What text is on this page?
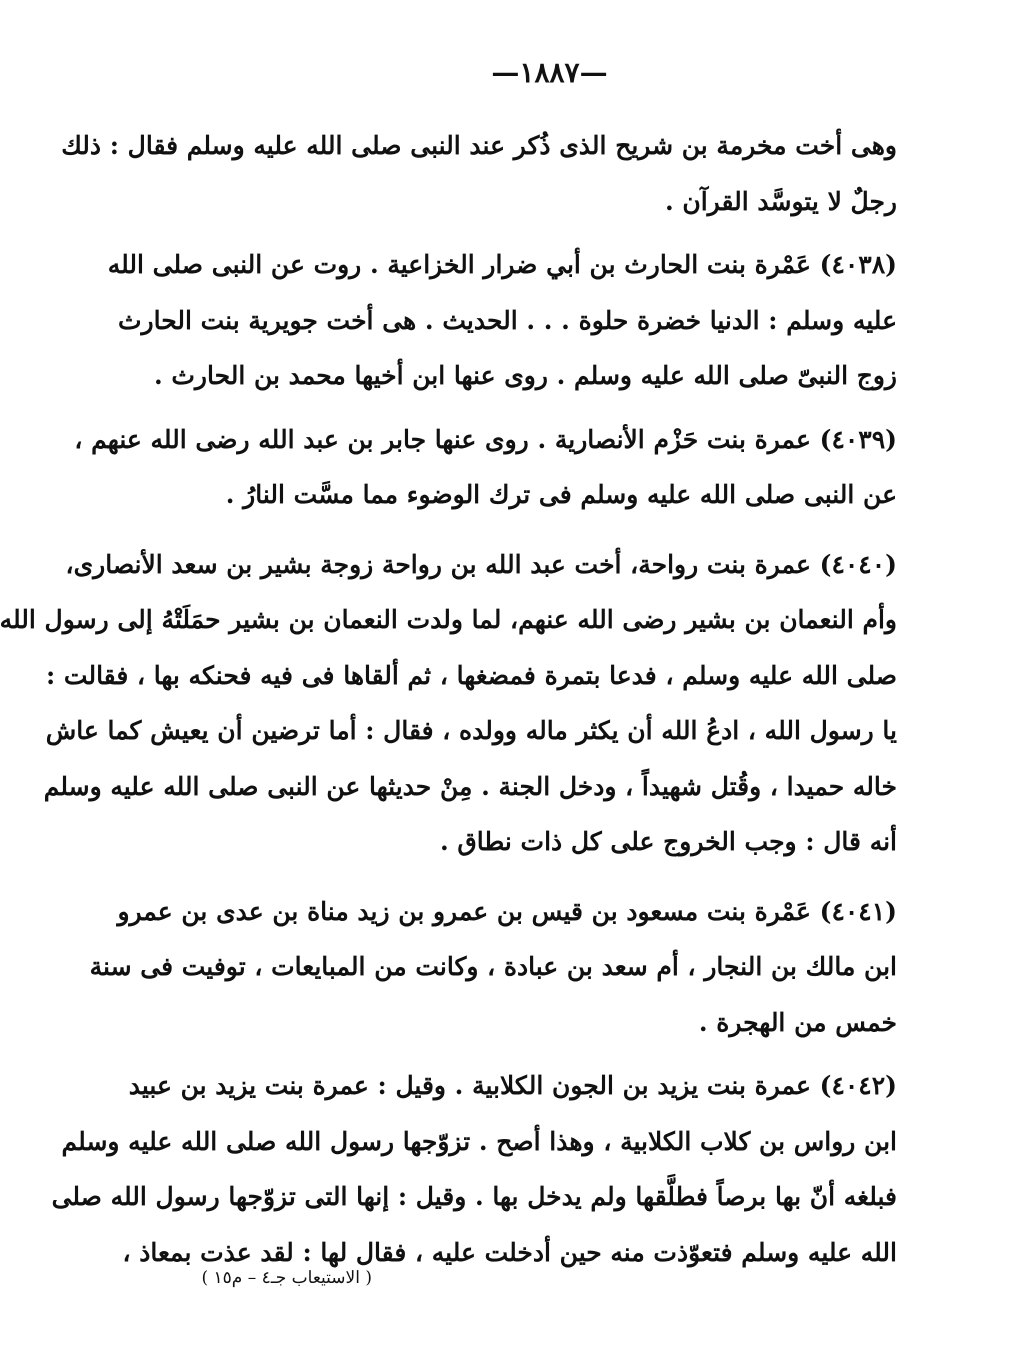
—١٨٨٧—
وهى أخت مخرمة بن شريح الذى ذُكر عند النبى صلى الله عليه وسلم فقال : ذلك
رجلٌ لا يتوسَّد القرآن .
(٤٠٣٨) عَمْرة بنت الحارث بن أبي ضرار الخزاعية . روت عن النبى صلى الله
عليه وسلم : الدنيا خضرة حلوة . . . الحديث . هى أخت جويرية بنت الحارث
زوج النبىّ صلى الله عليه وسلم . روى عنها ابن أخيها محمد بن الحارث .
(٤٠٣٩) عمرة بنت حَزْم الأنصارية . روى عنها جابر بن عبد الله رضى الله عنهم ،
عن النبى صلى الله عليه وسلم فى ترك الوضوء مما مسَّت النارُ .
(٤٠٤٠) عمرة بنت رواحة، أخت عبد الله بن رواحة زوجة بشير بن سعد الأنصارى،
وأم النعمان بن بشير رضى الله عنهم، لما ولدت النعمان بن بشير حمَلَتْهُ إلى رسول الله
صلى الله عليه وسلم ، فدعا بتمرة فمضغها ، ثم ألقاها فى فيه فحنكه بها ، فقالت :
يا رسول الله ، ادعُ الله أن يكثر ماله وولده ، فقال : أما ترضين أن يعيش كما عاش
خاله حميدا ، وقُتل شهيداً ، ودخل الجنة . مِنْ حديثها عن النبى صلى الله عليه وسلم
أنه قال : وجب الخروج على كل ذات نطاق .
(٤٠٤١) عَمْرة بنت مسعود بن قيس بن عمرو بن زيد مناة بن عدى بن عمرو
ابن مالك بن النجار ، أم سعد بن عبادة ، وكانت من المبايعات ، توفيت فى سنة
خمس من الهجرة .
(٤٠٤٢) عمرة بنت يزيد بن الجون الكلابية . وقيل : عمرة بنت يزيد بن عبيد
ابن رواس بن كلاب الكلابية ، وهذا أصح . تزوّجها رسول الله صلى الله عليه وسلم
فبلغه أنّ بها برصاً فطلَّقها ولم يدخل بها . وقيل : إنها التى تزوّجها رسول الله صلى
الله عليه وسلم فتعوّذت منه حين أدخلت عليه ، فقال لها : لقد عذت بمعاذ ،
( الاستيعاب جـ٤ – م١٥ )
